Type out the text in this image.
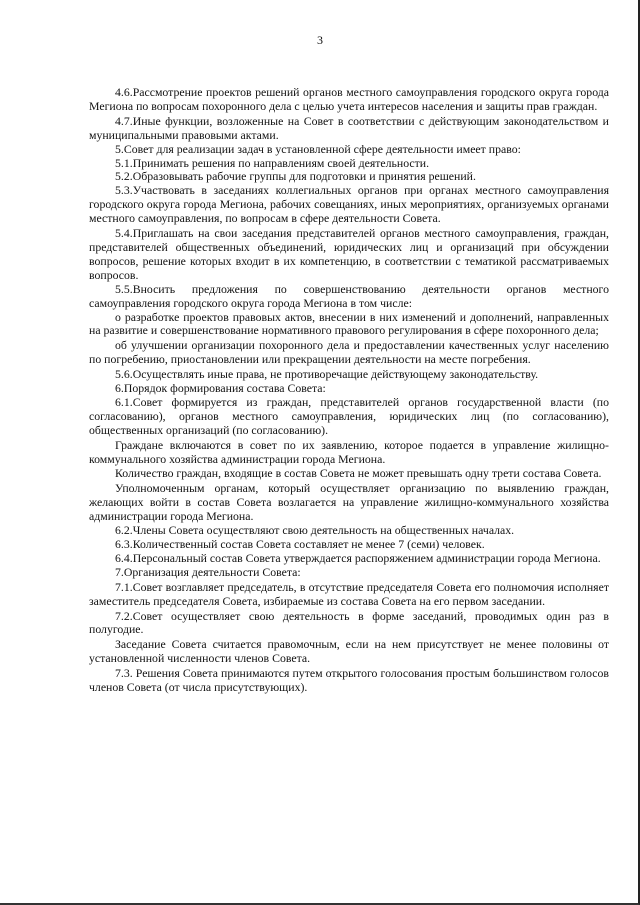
3

4.6.Рассмотрение проектов решений органов местного самоуправления городского округа города Мегиона по вопросам похоронного дела с целью учета интересов населения и защиты прав граждан.

4.7.Иные функции, возложенные на Совет в соответствии с действующим законодательством и муниципальными правовыми актами.

5.Совет для реализации задач в установленной сфере деятельности имеет право:

5.1.Принимать решения по направлениям своей деятельности.

5.2.Образовывать рабочие группы для подготовки и принятия решений.

5.3.Участвовать в заседаниях коллегиальных органов при органах местного самоуправления городского округа города Мегиона, рабочих совещаниях, иных мероприятиях, организуемых органами местного самоуправления, по вопросам в сфере деятельности Совета.

5.4.Приглашать на свои заседания представителей органов местного самоуправления, граждан, представителей общественных объединений, юридических лиц и организаций при обсуждении вопросов, решение которых входит в их компетенцию, в соответствии с тематикой рассматриваемых вопросов.

5.5.Вносить предложения по совершенствованию деятельности органов местного самоуправления городского округа города Мегиона в том числе:

о разработке проектов правовых актов, внесении в них изменений и дополнений, направленных на развитие и совершенствование нормативного правового регулирования в сфере похоронного дела;

об улучшении организации похоронного дела и предоставлении качественных услуг населению по погребению, приостановлении или прекращении деятельности на месте погребения.

5.6.Осуществлять иные права, не противоречащие действующему законодательству.

6.Порядок формирования состава Совета:

6.1.Совет формируется из граждан, представителей органов государственной власти (по согласованию), органов местного самоуправления, юридических лиц (по согласованию), общественных организаций (по согласованию).

Граждане включаются в совет по их заявлению, которое подается в управление жилищно-коммунального хозяйства администрации города Мегиона.

Количество граждан, входящие в состав Совета не может превышать одну трети состава Совета.

Уполномоченным органам, который осуществляет организацию по выявлению граждан, желающих войти в состав Совета возлагается на управление жилищно-коммунального хозяйства администрации города Мегиона.

6.2.Члены Совета осуществляют свою деятельность на общественных началах.

6.3.Количественный состав Совета составляет не менее 7 (семи) человек.

6.4.Персональный состав Совета утверждается распоряжением администрации города Мегиона.

7.Организация деятельности Совета:

7.1.Совет возглавляет председатель, в отсутствие председателя Совета его полномочия исполняет заместитель председателя Совета, избираемые из состава Совета на его первом заседании.

7.2.Совет осуществляет свою деятельность в форме заседаний, проводимых один раз в полугодие.

Заседание Совета считается правомочным, если на нем присутствует не менее половины от установленной численности членов Совета.

7.3. Решения Совета принимаются путем открытого голосования простым большинством голосов членов Совета (от числа присутствующих).
